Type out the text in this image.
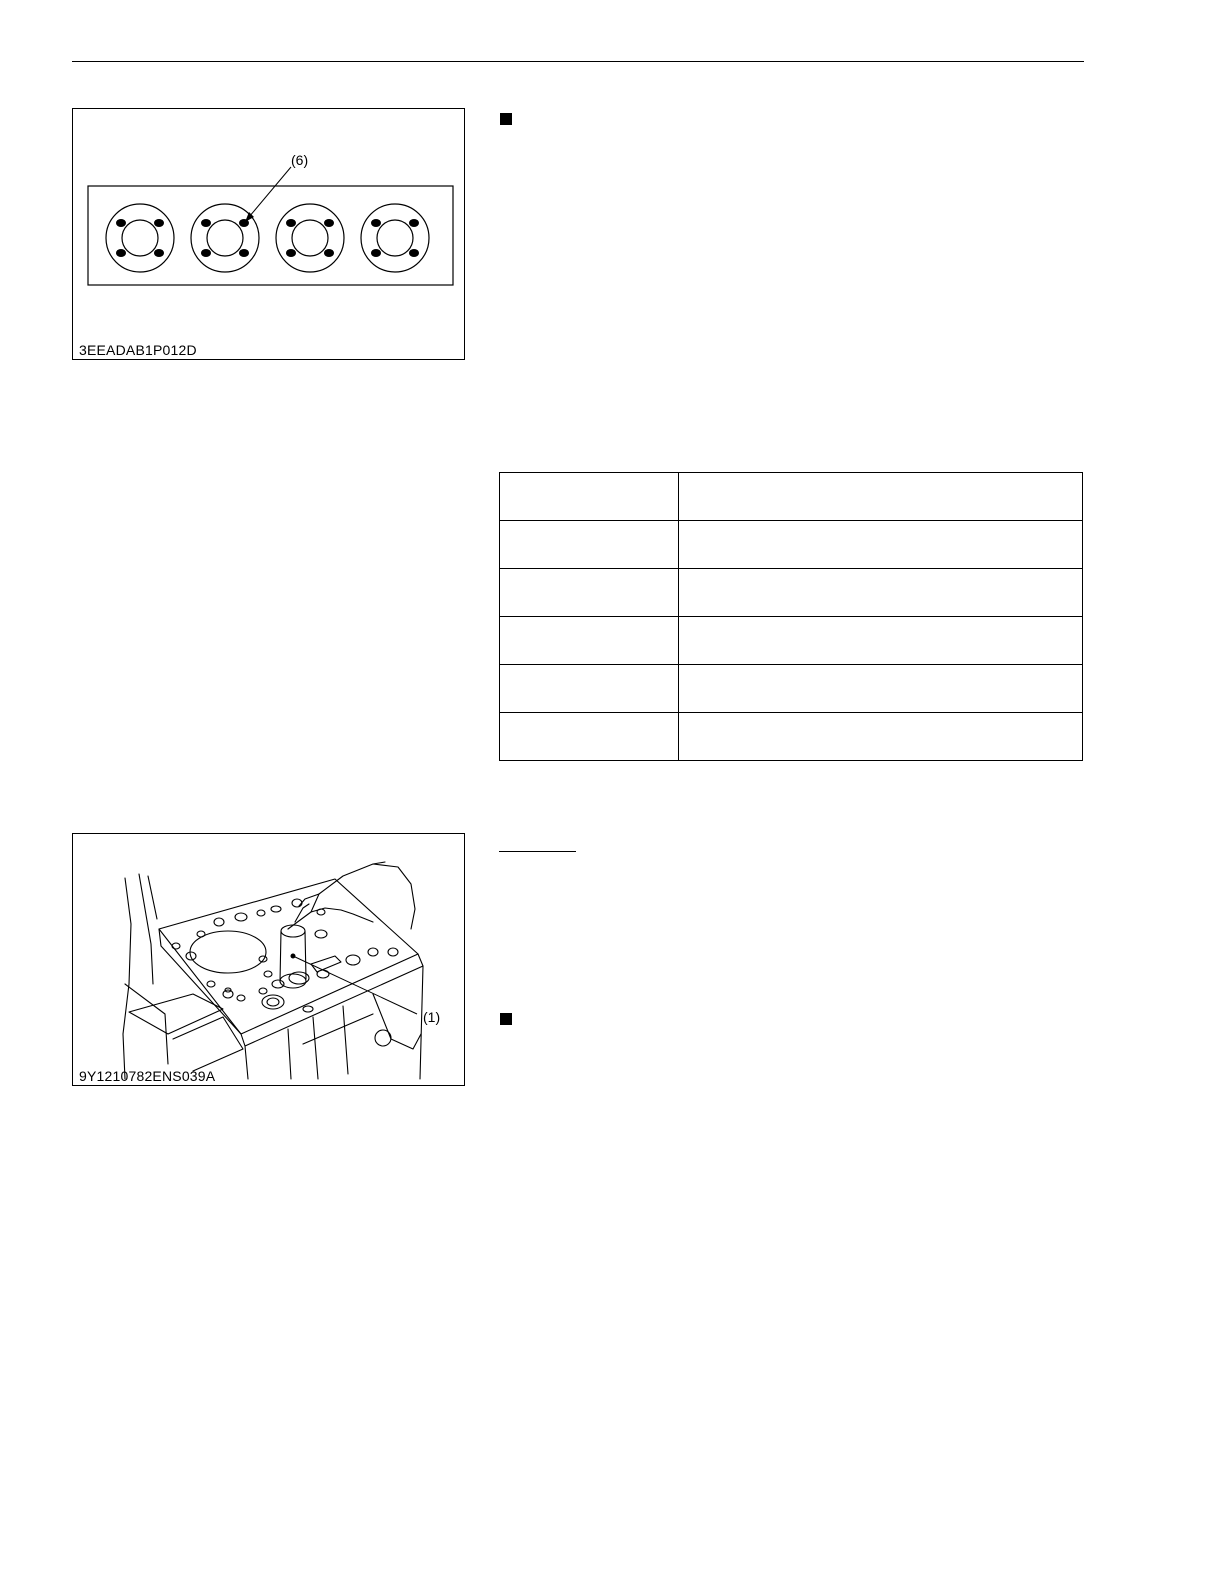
(6)
3EEADAB1P012D

(1)
9Y1210782ENS039A
